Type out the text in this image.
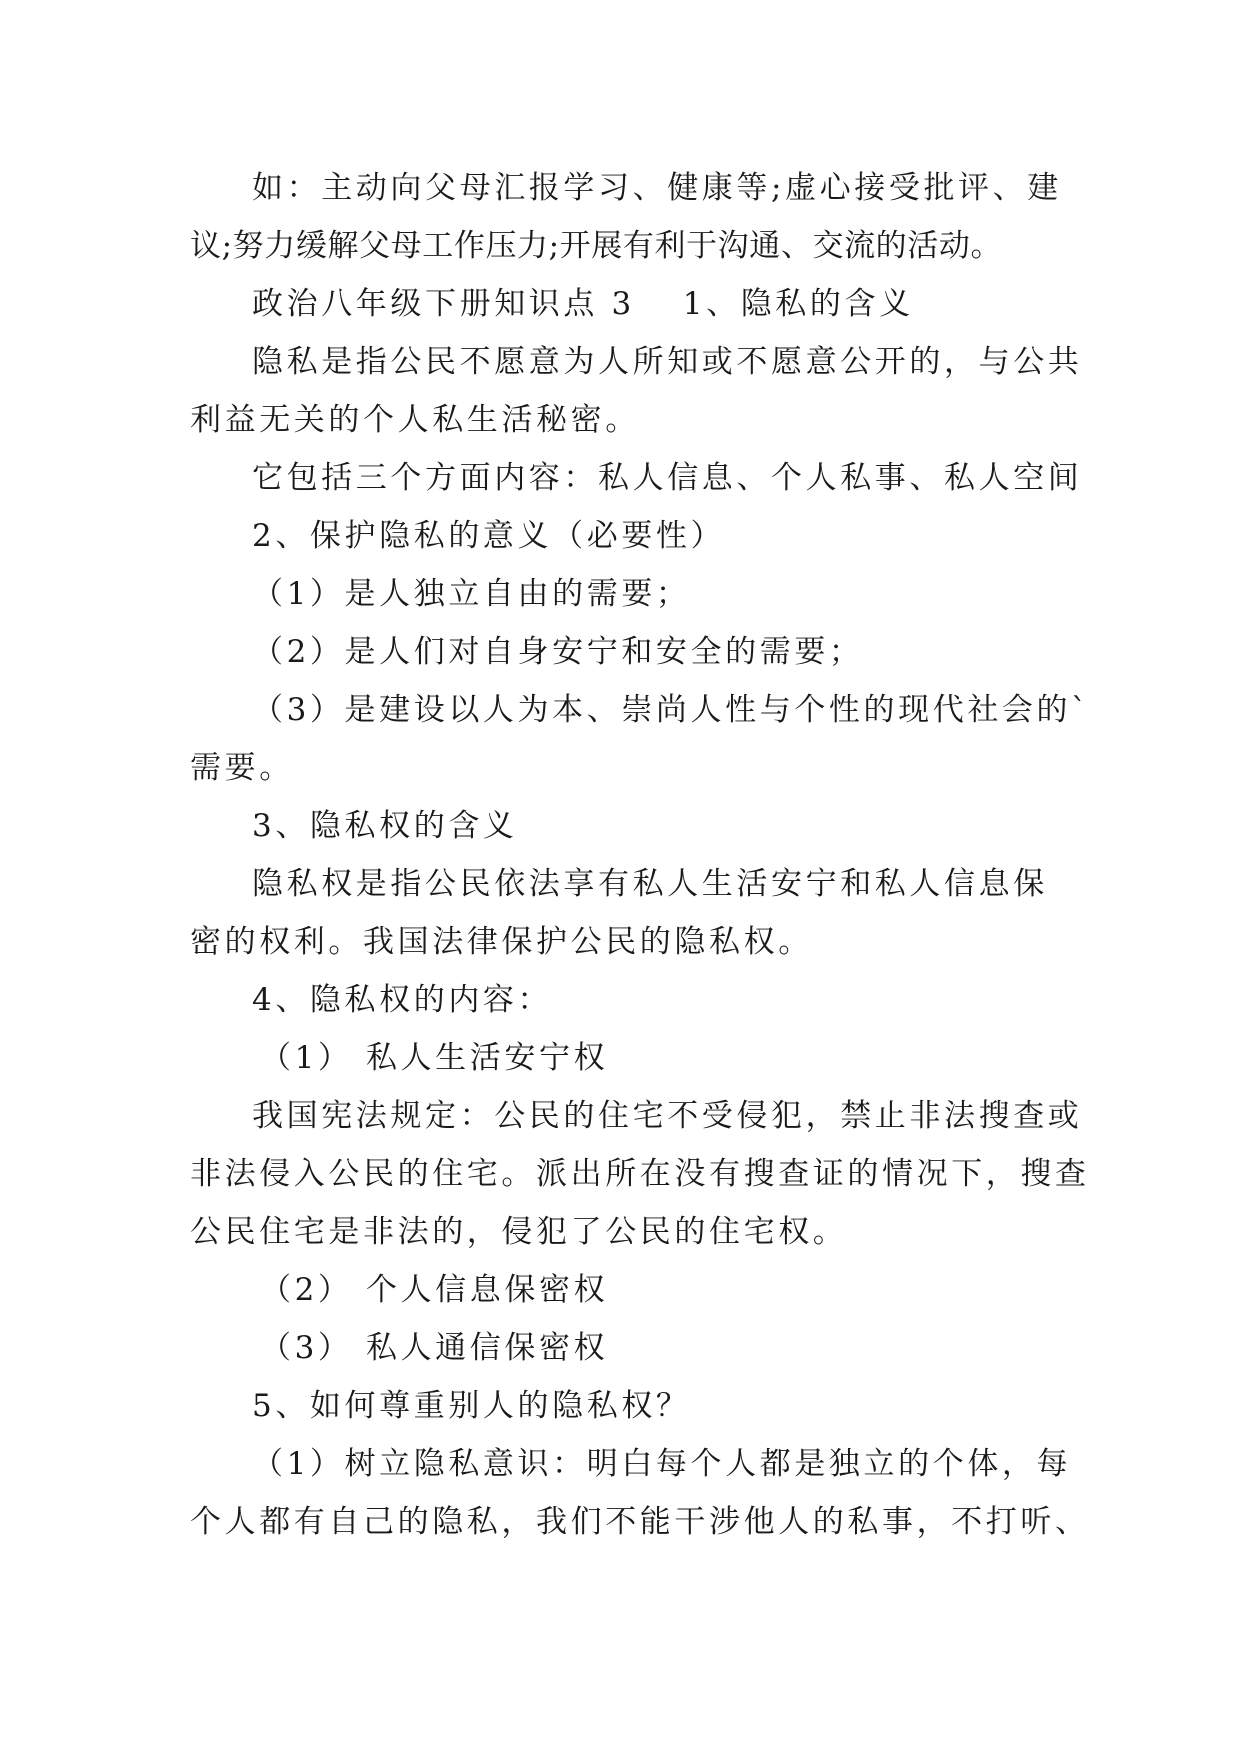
如：主动向父母汇报学习、健康等;虚心接受批评、建
议;努力缓解父母工作压力;开展有利于沟通、交流的活动。
政治八年级下册知识点 3 1、隐私的含义
隐私是指公民不愿意为人所知或不愿意公开的，与公共
利益无关的个人私生活秘密。
它包括三个方面内容：私人信息、个人私事、私人空间
2、保护隐私的意义（必要性）
（1）是人独立自由的需要；
（2）是人们对自身安宁和安全的需要；
（3）是建设以人为本、崇尚人性与个性的现代社会的`
需要。
3、隐私权的含义
隐私权是指公民依法享有私人生活安宁和私人信息保
密的权利。我国法律保护公民的隐私权。
4、隐私权的内容：
（1） 私人生活安宁权
我国宪法规定：公民的住宅不受侵犯，禁止非法搜查或
非法侵入公民的住宅。派出所在没有搜查证的情况下，搜查
公民住宅是非法的，侵犯了公民的住宅权。
（2） 个人信息保密权
（3） 私人通信保密权
5、如何尊重别人的隐私权？
（1）树立隐私意识：明白每个人都是独立的个体，每
个人都有自己的隐私，我们不能干涉他人的私事，不打听、
